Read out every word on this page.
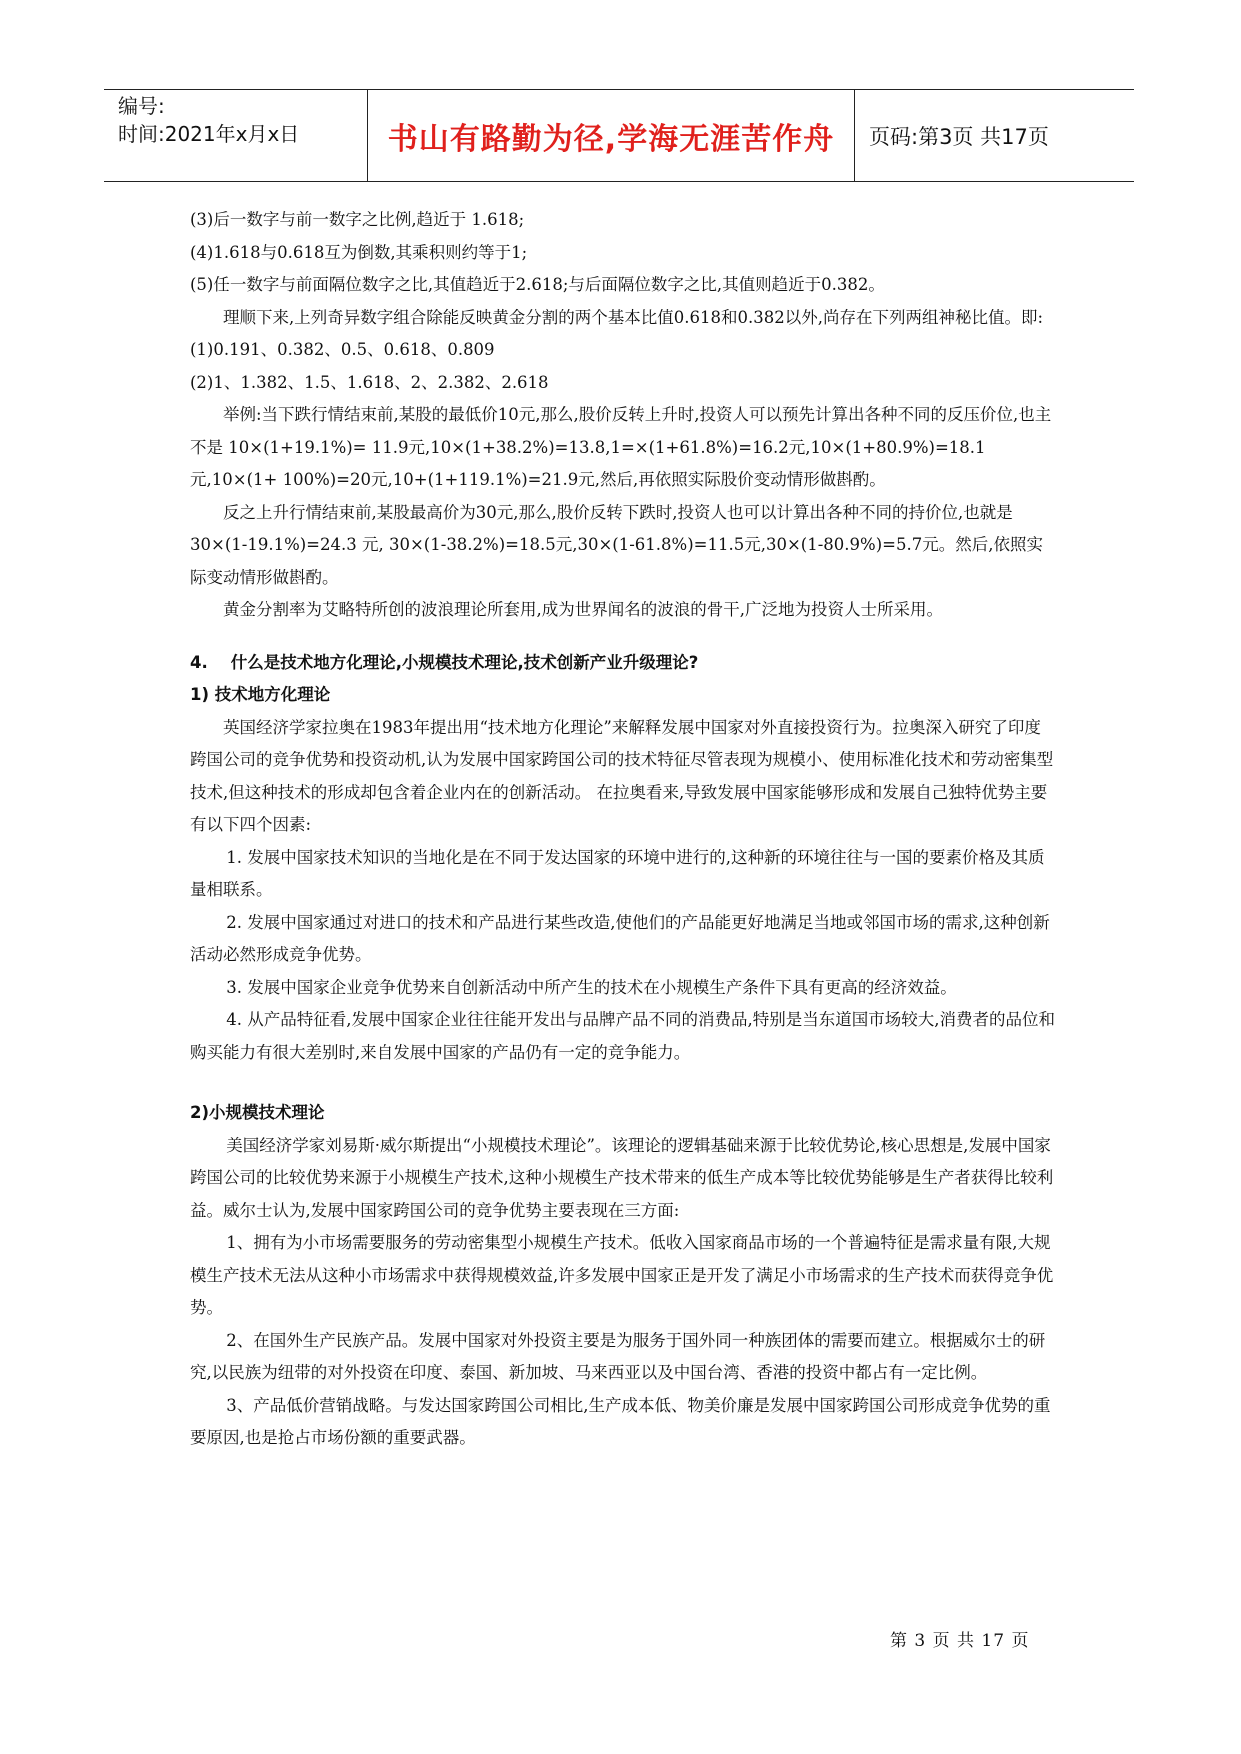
编号:
时间:2021年x月x日	书山有路勤为径,学海无涯苦作舟	页码:第3页 共17页

(3)后一数字与前一数字之比例,趋近于 1.618;

(4)1.618与0.618互为倒数,其乘积则约等于1;

(5)任一数字与前面隔位数字之比,其值趋近于2.618;与后面隔位数字之比,其值则趋近于0.382。

理顺下来,上列奇异数字组合除能反映黄金分割的两个基本比值0.618和0.382以外,尚存在下列两组神秘比值。即:

(1)0.191、0.382、0.5、0.618、0.809

(2)1、1.382、1.5、1.618、2、2.382、2.618

举例:当下跌行情结束前,某股的最低价10元,那么,股价反转上升时,投资人可以预先计算出各种不同的反压价位,也主不是 10×(1+19.1%)= 11.9元,10×(1+38.2%)=13.8,1=×(1+61.8%)=16.2元,10×(1+80.9%)=18.1元,10×(1+ 100%)=20元,10+(1+119.1%)=21.9元,然后,再依照实际股价变动情形做斟酌。

反之上升行情结束前,某股最高价为30元,那么,股价反转下跌时,投资人也可以计算出各种不同的持价位,也就是30×(1-19.1%)=24.3 元, 30×(1-38.2%)=18.5元,30×(1-61.8%)=11.5元,30×(1-80.9%)=5.7元。然后,依照实际变动情形做斟酌。

黄金分割率为艾略特所创的波浪理论所套用,成为世界闻名的波浪的骨干,广泛地为投资人士所采用。

4.    什么是技术地方化理论,小规模技术理论,技术创新产业升级理论?

1) 技术地方化理论

英国经济学家拉奥在1983年提出用“技术地方化理论”来解释发展中国家对外直接投资行为。拉奥深入研究了印度跨国公司的竞争优势和投资动机,认为发展中国家跨国公司的技术特征尽管表现为规模小、使用标准化技术和劳动密集型技术,但这种技术的形成却包含着企业内在的创新活动。 在拉奥看来,导致发展中国家能够形成和发展自己独特优势主要有以下四个因素:

1. 发展中国家技术知识的当地化是在不同于发达国家的环境中进行的,这种新的环境往往与一国的要素价格及其质量相联系。

2. 发展中国家通过对进口的技术和产品进行某些改造,使他们的产品能更好地满足当地或邻国市场的需求,这种创新活动必然形成竞争优势。

3. 发展中国家企业竞争优势来自创新活动中所产生的技术在小规模生产条件下具有更高的经济效益。

4. 从产品特征看,发展中国家企业往往能开发出与品牌产品不同的消费品,特别是当东道国市场较大,消费者的品位和购买能力有很大差别时,来自发展中国家的产品仍有一定的竞争能力。

2)小规模技术理论

美国经济学家刘易斯·威尔斯提出“小规模技术理论”。该理论的逻辑基础来源于比较优势论,核心思想是,发展中国家跨国公司的比较优势来源于小规模生产技术,这种小规模生产技术带来的低生产成本等比较优势能够是生产者获得比较利益。威尔士认为,发展中国家跨国公司的竞争优势主要表现在三方面:

1、拥有为小市场需要服务的劳动密集型小规模生产技术。低收入国家商品市场的一个普遍特征是需求量有限,大规模生产技术无法从这种小市场需求中获得规模效益,许多发展中国家正是开发了满足小市场需求的生产技术而获得竞争优势。

2、在国外生产民族产品。发展中国家对外投资主要是为服务于国外同一种族团体的需要而建立。根据威尔士的研究,以民族为纽带的对外投资在印度、泰国、新加坡、马来西亚以及中国台湾、香港的投资中都占有一定比例。

3、产品低价营销战略。与发达国家跨国公司相比,生产成本低、物美价廉是发展中国家跨国公司形成竞争优势的重要原因,也是抢占市场份额的重要武器。

第 3 页 共 17 页
